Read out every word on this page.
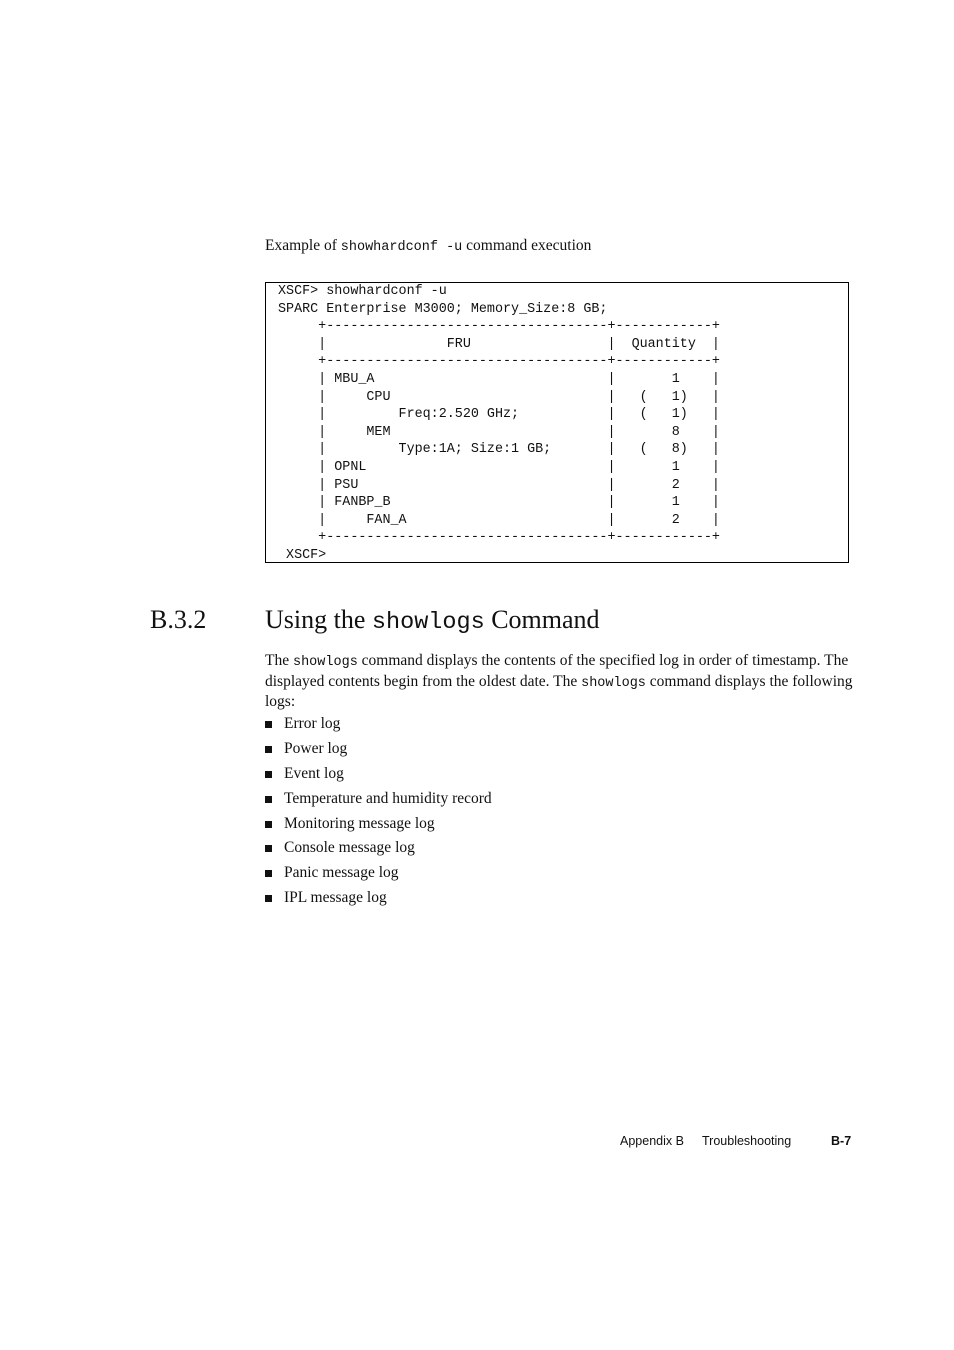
Example of showhardconf -u command execution
XSCF> showhardconf -u
SPARC Enterprise M3000; Memory_Size:8 GB;
+-----------------------------------+------------+
|               FRU                 |  Quantity  |
+-----------------------------------+------------+
| MBU_A                             |       1    |
|     CPU                           |   (   1)   |
|         Freq:2.520 GHz;           |   (   1)   |
|     MEM                           |       8    |
|         Type:1A; Size:1 GB;       |   (   8)   |
| OPNL                              |       1    |
| PSU                               |       2    |
| FANBP_B                           |       1    |
|     FAN_A                         |       2    |
+-----------------------------------+------------+
XSCF>
B.3.2 Using the showlogs Command
The showlogs command displays the contents of the specified log in order of timestamp. The displayed contents begin from the oldest date. The showlogs command displays the following logs:
Error log
Power log
Event log
Temperature and humidity record
Monitoring message log
Console message log
Panic message log
IPL message log
Appendix B Troubleshooting	B-7
